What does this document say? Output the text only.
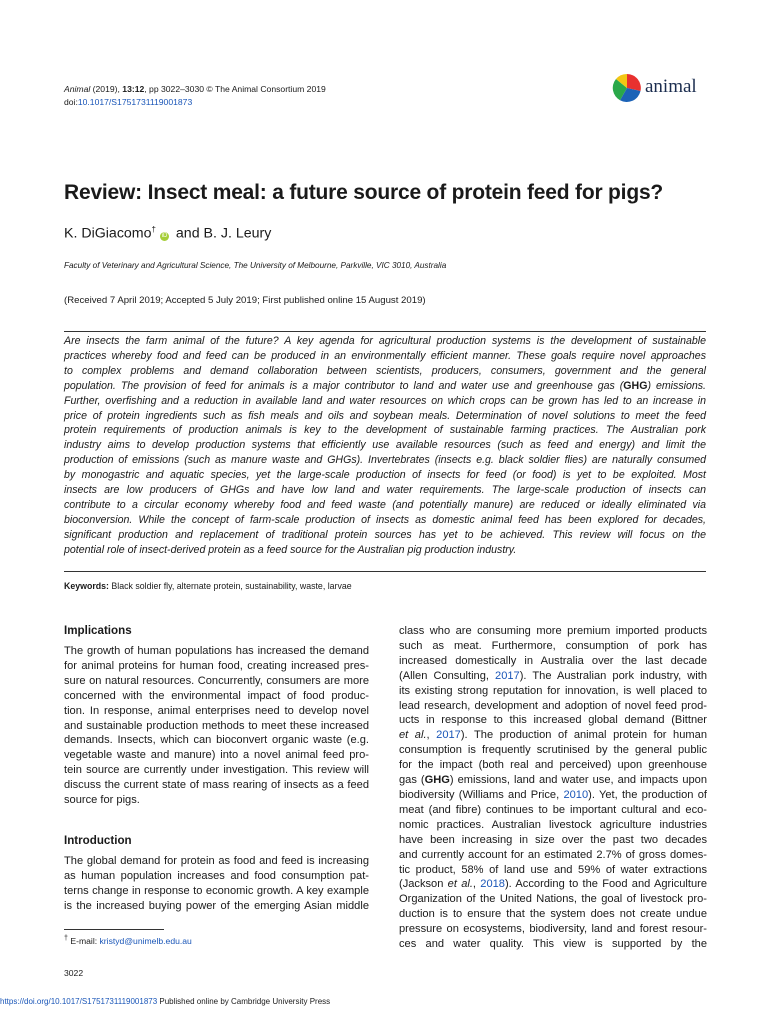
Animal (2019), 13:12, pp 3022–3030 © The Animal Consortium 2019
doi:10.1017/S1751731119001873
animal
Review: Insect meal: a future source of protein feed for pigs?
K. DiGiacomo†iD and B. J. Leury
Faculty of Veterinary and Agricultural Science, The University of Melbourne, Parkville, VIC 3010, Australia
(Received 7 April 2019; Accepted 5 July 2019; First published online 15 August 2019)
Are insects the farm animal of the future? A key agenda for agricultural production systems is the development of sustainable
practices whereby food and feed can be produced in an environmentally efficient manner. These goals require novel approaches
to complex problems and demand collaboration between scientists, producers, consumers, government and the general
population. The provision of feed for animals is a major contributor to land and water use and greenhouse gas (GHG) emissions.
Further, overfishing and a reduction in available land and water resources on which crops can be grown has led to an increase in
price of protein ingredients such as fish meals and oils and soybean meals. Determination of novel solutions to meet the feed
protein requirements of production animals is key to the development of sustainable farming practices. The Australian pork
industry aims to develop production systems that efficiently use available resources (such as feed and energy) and limit the
production of emissions (such as manure waste and GHGs). Invertebrates (insects e.g. black soldier flies) are naturally consumed
by monogastric and aquatic species, yet the large-scale production of insects for feed (or food) is yet to be exploited. Most
insects are low producers of GHGs and have low land and water requirements. The large-scale production of insects can
contribute to a circular economy whereby food and feed waste (and potentially manure) are reduced or ideally eliminated via
bioconversion. While the concept of farm-scale production of insects as domestic animal feed has been explored for decades,
significant production and replacement of traditional protein sources has yet to be achieved. This review will focus on the
potential role of insect-derived protein as a feed source for the Australian pig production industry.
Keywords: Black soldier fly, alternate protein, sustainability, waste, larvae
Implications
The growth of human populations has increased the demand
for animal proteins for human food, creating increased pres-
sure on natural resources. Concurrently, consumers are more
concerned with the environmental impact of food produc-
tion. In response, animal enterprises need to develop novel
and sustainable production methods to meet these increased
demands. Insects, which can bioconvert organic waste (e.g.
vegetable waste and manure) into a novel animal feed pro-
tein source are currently under investigation. This review will
discuss the current state of mass rearing of insects as a feed
source for pigs.
Introduction
The global demand for protein as food and feed is increasing
as human population increases and food consumption pat-
terns change in response to economic growth. A key example
is the increased buying power of the emerging Asian middle
class who are consuming more premium imported products
such as meat. Furthermore, consumption of pork has
increased domestically in Australia over the last decade
(Allen Consulting, 2017). The Australian pork industry, with
its existing strong reputation for innovation, is well placed to
lead research, development and adoption of novel feed prod-
ucts in response to this increased global demand (Bittner
et al., 2017). The production of animal protein for human
consumption is frequently scrutinised by the general public
for the impact (both real and perceived) upon greenhouse
gas (GHG) emissions, land and water use, and impacts upon
biodiversity (Williams and Price, 2010). Yet, the production of
meat (and fibre) continues to be important cultural and eco-
nomic practices. Australian livestock agriculture industries
have been increasing in size over the past two decades
and currently account for an estimated 2.7% of gross domes-
tic product, 58% of land use and 59% of water extractions
(Jackson et al., 2018). According to the Food and Agriculture
Organization of the United Nations, the goal of livestock pro-
duction is to ensure that the system does not create undue
pressure on ecosystems, biodiversity, land and forest resour-
ces and water quality. This view is supported by the
† E-mail: kristyd@unimelb.edu.au
3022
https://doi.org/10.1017/S1751731119001873 Published online by Cambridge University Press
